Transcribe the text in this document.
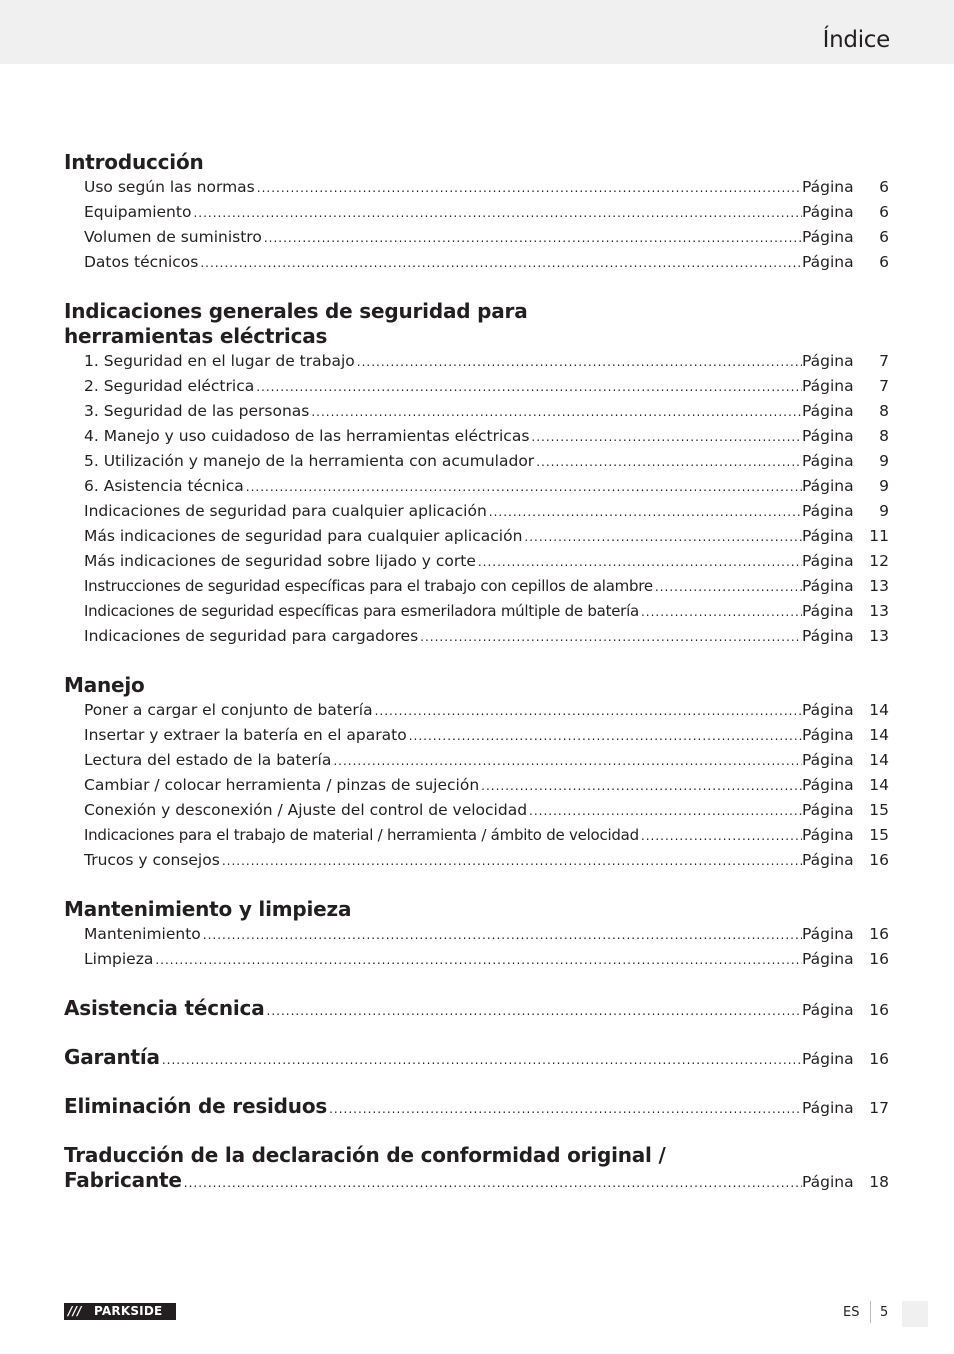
Índice
Introducción
Uso según las normas .....	Página	6
Equipamiento .....	Página	6
Volumen de suministro .....	Página	6
Datos técnicos .....	Página	6
Indicaciones generales de seguridad para
herramientas eléctricas
1. Seguridad en el lugar de trabajo .....	Página	7
2. Seguridad eléctrica .....	Página	7
3. Seguridad de las personas .....	Página	8
4. Manejo y uso cuidadoso de las herramientas eléctricas .....	Página	8
5. Utilización y manejo de la herramienta con acumulador .....	Página	9
6. Asistencia técnica .....	Página	9
Indicaciones de seguridad para cualquier aplicación .....	Página	9
Más indicaciones de seguridad para cualquier aplicación .....	Página 11
Más indicaciones de seguridad sobre lijado y corte .....	Página 12
Instrucciones de seguridad específicas para el trabajo con cepillos de alambre .....	Página 13
Indicaciones de seguridad específicas para esmeriladora múltiple de batería .....	Página 13
Indicaciones de seguridad para cargadores .....	Página 13
Manejo
Poner a cargar el conjunto de batería .....	Página 14
Insertar y extraer la batería en el aparato .....	Página 14
Lectura del estado de la batería .....	Página 14
Cambiar / colocar herramienta / pinzas de sujeción .....	Página 14
Conexión y desconexión / Ajuste del control de velocidad .....	Página 15
Indicaciones para el trabajo de material / herramienta / ámbito de velocidad .....	Página 15
Trucos y consejos .....	Página 16
Mantenimiento y limpieza
Mantenimiento .....	Página 16
Limpieza .....	Página 16
Asistencia técnica .....	Página 16
Garantía .....	Página 16
Eliminación de residuos .....	Página 17
Traducción de la declaración de conformidad original /
Fabricante .....	Página 18
/// PARKSIDE	ES 5
